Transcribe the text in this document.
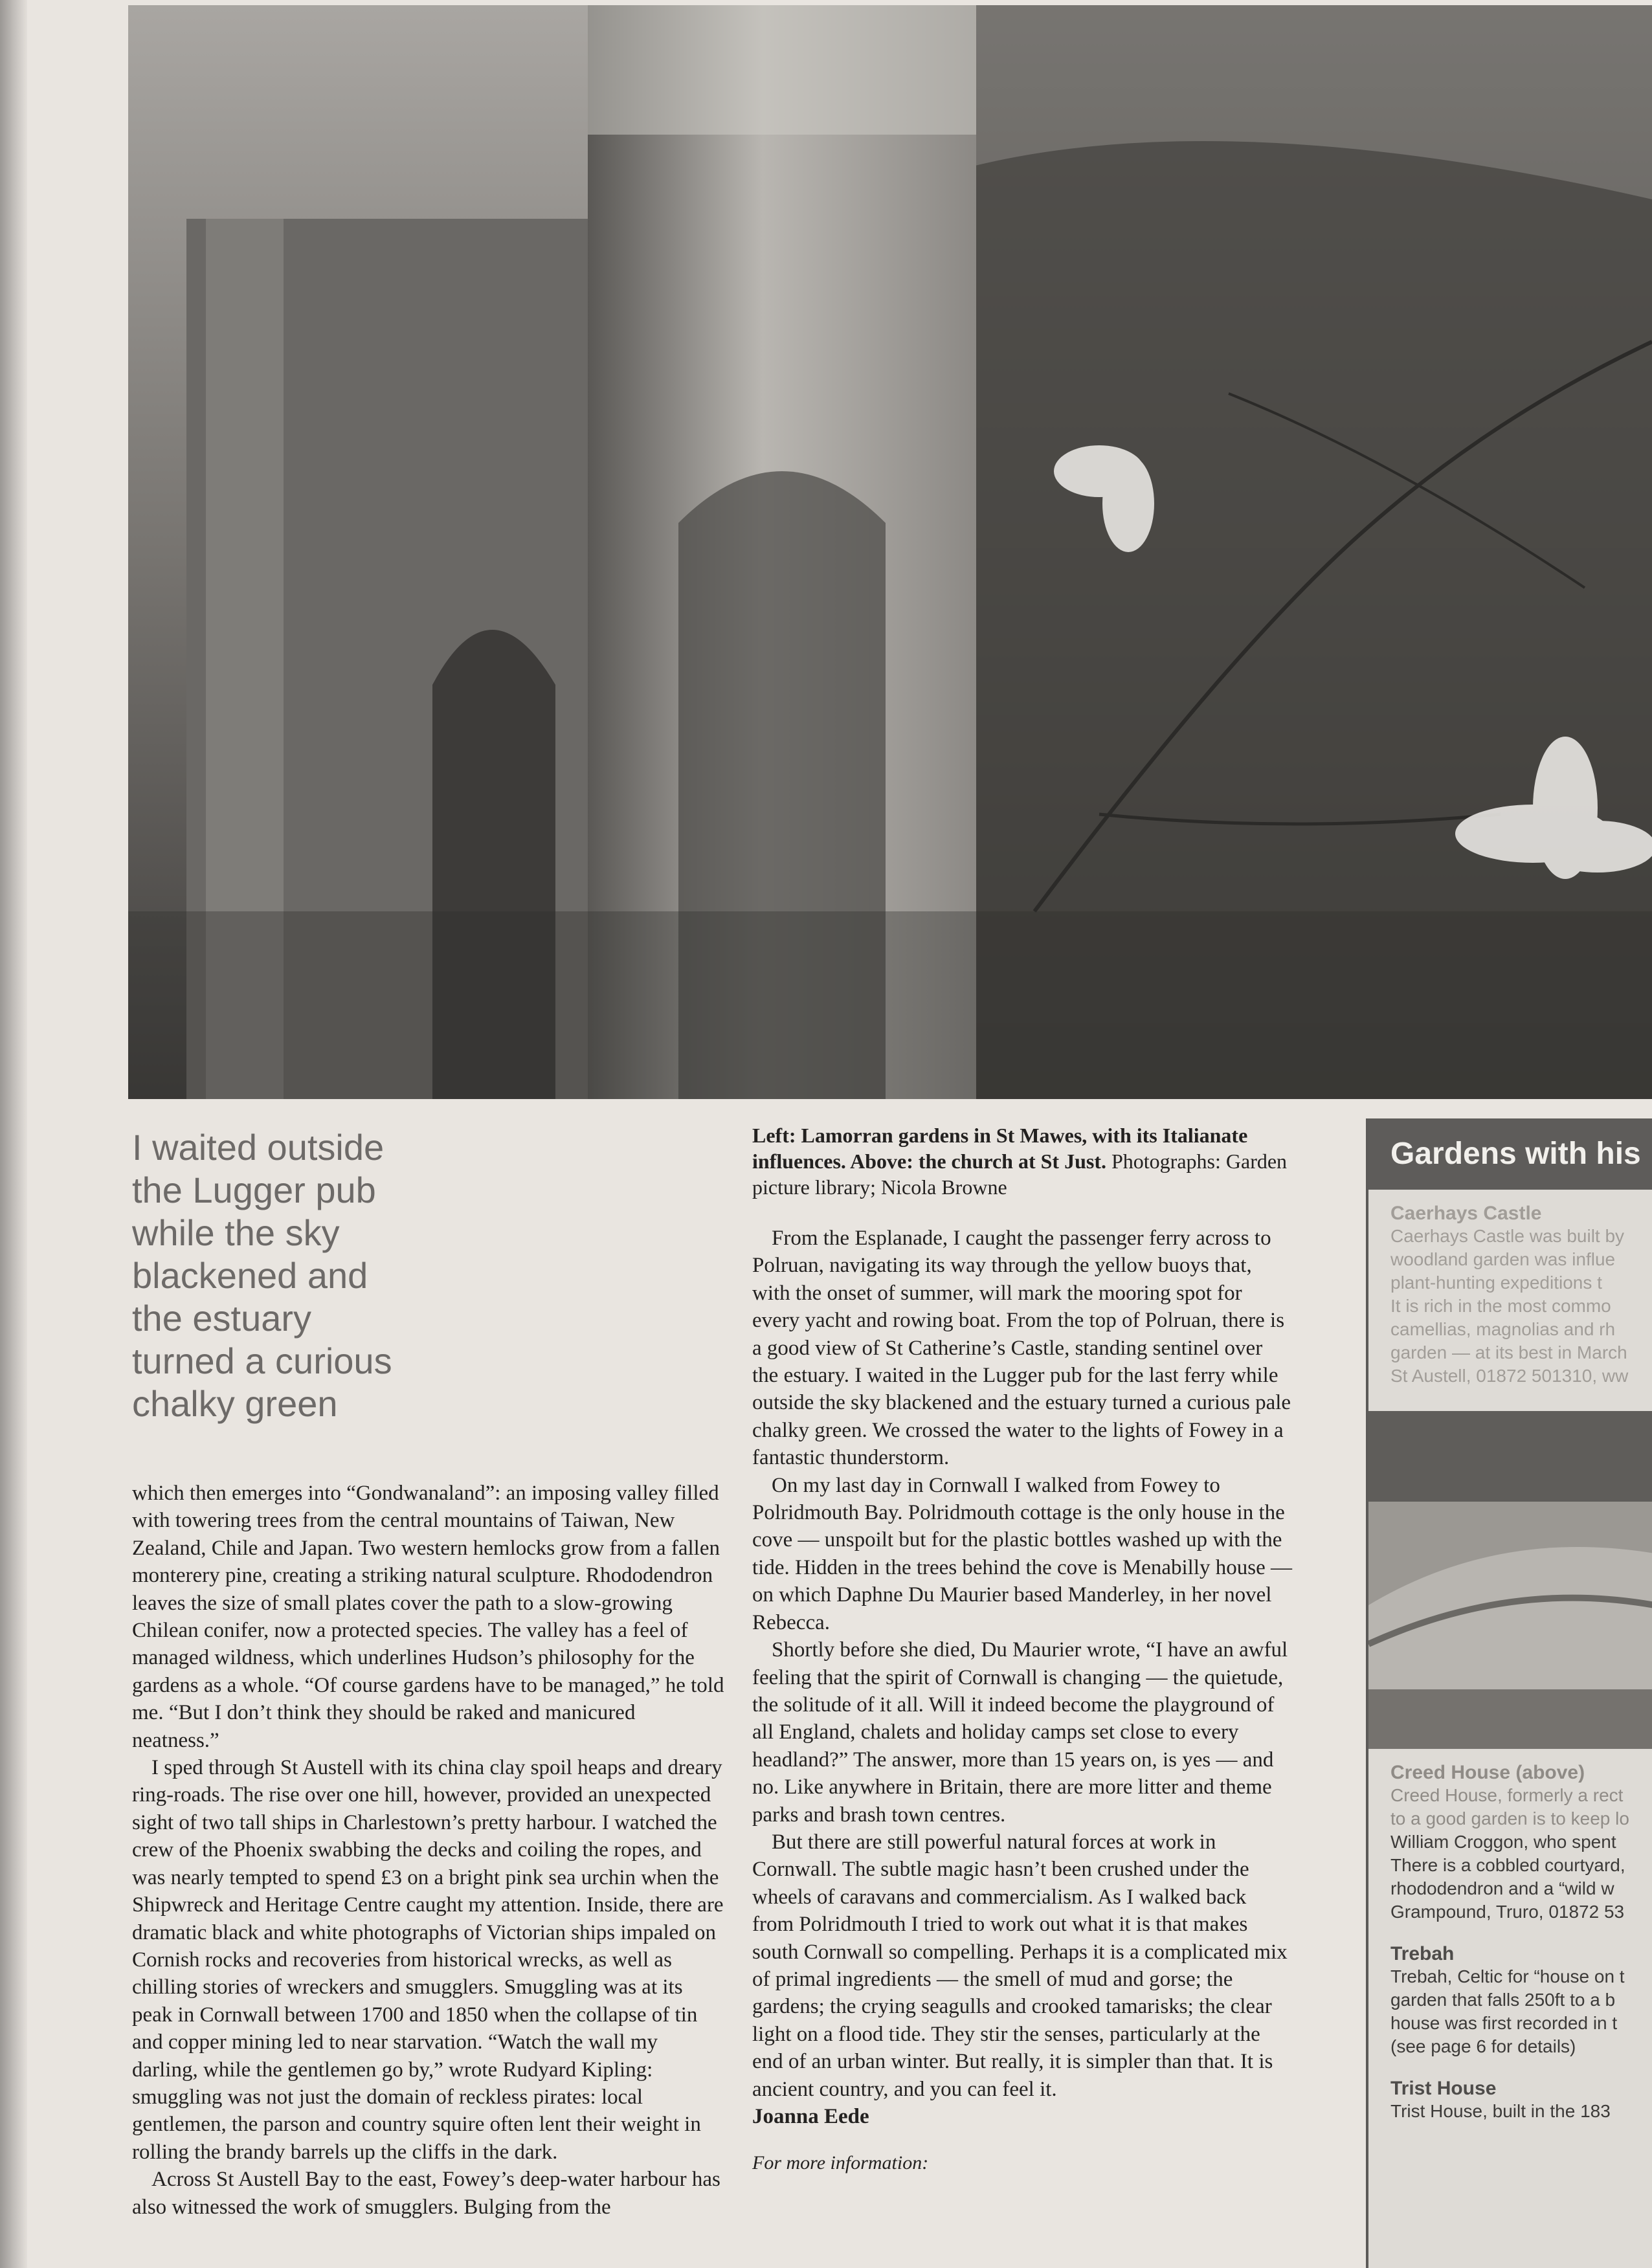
I waited outside the Lugger pub while the sky blackened and the estuary turned a curious chalky green

which then emerges into “Gondwanaland”: an imposing valley filled with towering trees from the central mountains of Taiwan, New Zealand, Chile and Japan. Two western hemlocks grow from a fallen monterery pine, creating a striking natural sculpture. Rhododendron leaves the size of small plates cover the path to a slow-growing Chilean conifer, now a protected species. The valley has a feel of managed wildness, which underlines Hudson’s philosophy for the gardens as a whole. “Of course gardens have to be managed,” he told me. “But I don’t think they should be raked and manicured neatness.”

I sped through St Austell with its china clay spoil heaps and dreary ring-roads. The rise over one hill, however, provided an unexpected sight of two tall ships in Charlestown’s pretty harbour. I watched the crew of the Phoenix swabbing the decks and coiling the ropes, and was nearly tempted to spend £3 on a bright pink sea urchin when the Shipwreck and Heritage Centre caught my attention. Inside, there are dramatic black and white photographs of Victorian ships impaled on Cornish rocks and recoveries from historical wrecks, as well as chilling stories of wreckers and smugglers. Smuggling was at its peak in Cornwall between 1700 and 1850 when the collapse of tin and copper mining led to near starvation. “Watch the wall my darling, while the gentlemen go by,” wrote Rudyard Kipling: smuggling was not just the domain of reckless pirates: local gentlemen, the parson and country squire often lent their weight in rolling the brandy barrels up the cliffs in the dark.

Across St Austell Bay to the east, Fowey’s deep-water harbour has also witnessed the work of smugglers. Bulging from the

Left: Lamorran gardens in St Mawes, with its Italianate influences. Above: the church at St Just. Photographs: Garden picture library; Nicola Browne

From the Esplanade, I caught the passenger ferry across to Polruan, navigating its way through the yellow buoys that, with the onset of summer, will mark the mooring spot for every yacht and rowing boat. From the top of Polruan, there is a good view of St Catherine’s Castle, standing sentinel over the estuary. I waited in the Lugger pub for the last ferry while outside the sky blackened and the estuary turned a curious pale chalky green. We crossed the water to the lights of Fowey in a fantastic thunderstorm.

On my last day in Cornwall I walked from Fowey to Polridmouth Bay. Polridmouth cottage is the only house in the cove — unspoilt but for the plastic bottles washed up with the tide. Hidden in the trees behind the cove is Menabilly house — on which Daphne Du Maurier based Manderley, in her novel Rebecca.

Shortly before she died, Du Maurier wrote, “I have an awful feeling that the spirit of Cornwall is changing — the quietude, the solitude of it all. Will it indeed become the playground of all England, chalets and holiday camps set close to every headland?” The answer, more than 15 years on, is yes — and no. Like anywhere in Britain, there are more litter and theme parks and brash town centres.

But there are still powerful natural forces at work in Cornwall. The subtle magic hasn’t been crushed under the wheels of caravans and commercialism. As I walked back from Polridmouth I tried to work out what it is that makes south Cornwall so compelling. Perhaps it is a complicated mix of primal ingredients — the smell of mud and gorse; the gardens; the crying seagulls and crooked tamarisks; the clear light on a flood tide. They stir the senses, particularly at the end of an urban winter. But really, it is simpler than that. It is ancient country, and you can feel it.

Joanna Eede
For more information:
Gardens with his
Caerhays Castle
Caerhays Castle was built by
woodland garden was influe
plant-hunting expeditions t
It is rich in the most commo
camellias, magnolias and rh
garden — at its best in March
St Austell, 01872 501310, ww
Creed House (above)
Creed House, formerly a rect
to a good garden is to keep lo
William Croggon, who spent
There is a cobbled courtyard,
rhododendron and a “wild w
Grampound, Truro, 01872 53
Trebah
Trebah, Celtic for “house on t
garden that falls 250ft to a b
house was first recorded in t
(see page 6 for details)
Trist House
Trist House, built in the 183
